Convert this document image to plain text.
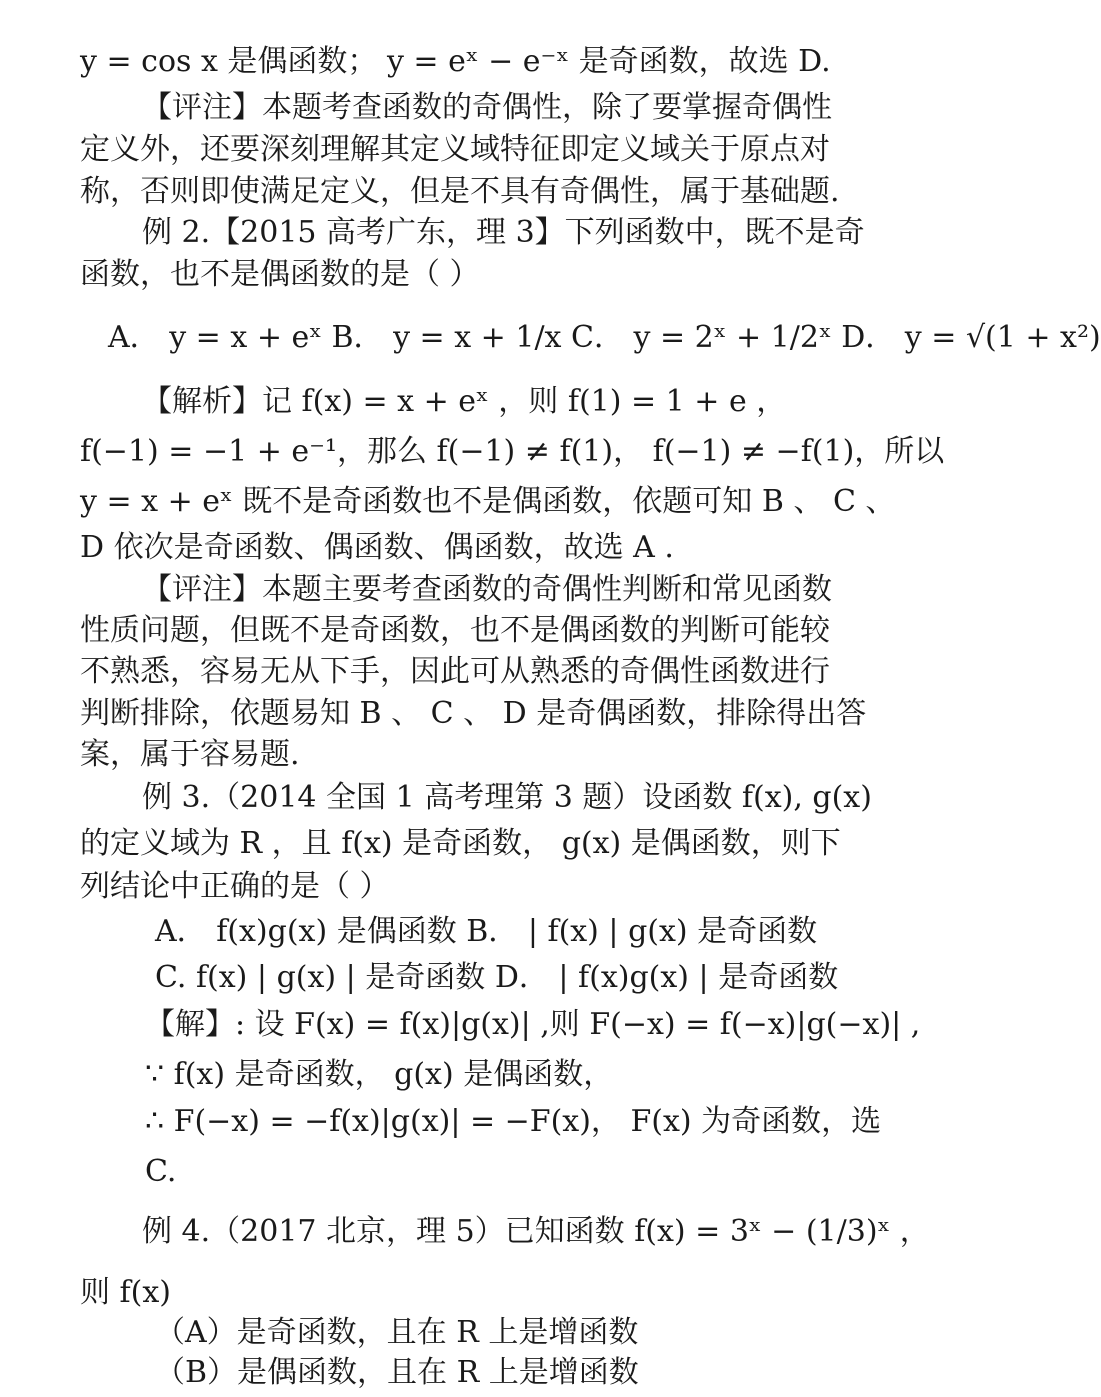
y = cos x 是偶函数； y = eˣ − e⁻ˣ 是奇函数，故选 D.
【评注】本题考查函数的奇偶性，除了要掌握奇偶性
定义外，还要深刻理解其定义域特征即定义域关于原点对
称，否则即使满足定义，但是不具有奇偶性，属于基础题.
例 2.【2015 高考广东，理 3】下列函数中，既不是奇
函数，也不是偶函数的是（ ）
A． y = x + eˣ B． y = x + 1/x C． y = 2ˣ + 1/2ˣ D． y = √(1 + x²)
【解析】记 f(x) = x + eˣ ，则 f(1) = 1 + e ，
f(−1) = −1 + e⁻¹，那么 f(−1) ≠ f(1)， f(−1) ≠ −f(1)，所以
y = x + eˣ 既不是奇函数也不是偶函数，依题可知 B 、 C 、
D 依次是奇函数、偶函数、偶函数，故选 A .
【评注】本题主要考查函数的奇偶性判断和常见函数
性质问题，但既不是奇函数，也不是偶函数的判断可能较
不熟悉，容易无从下手，因此可从熟悉的奇偶性函数进行
判断排除，依题易知 B 、 C 、 D 是奇偶函数，排除得出答
案，属于容易题.
例 3.（2014 全国 1 高考理第 3 题）设函数 f(x), g(x)
的定义域为 R ，且 f(x) 是奇函数， g(x) 是偶函数，则下
列结论中正确的是（ ）
A． f(x)g(x) 是偶函数 B． | f(x) | g(x) 是奇函数
C. f(x) | g(x) | 是奇函数 D． | f(x)g(x) | 是奇函数
【解】: 设 F(x) = f(x)|g(x)| ,则 F(−x) = f(−x)|g(−x)| ,
∵ f(x) 是奇函数， g(x) 是偶函数，
∴ F(−x) = −f(x)|g(x)| = −F(x)， F(x) 为奇函数，选
C.
例 4.（2017 北京，理 5）已知函数 f(x) = 3ˣ − (1/3)ˣ ，
则 f(x)
（A）是奇函数，且在 R 上是增函数
（B）是偶函数，且在 R 上是增函数
